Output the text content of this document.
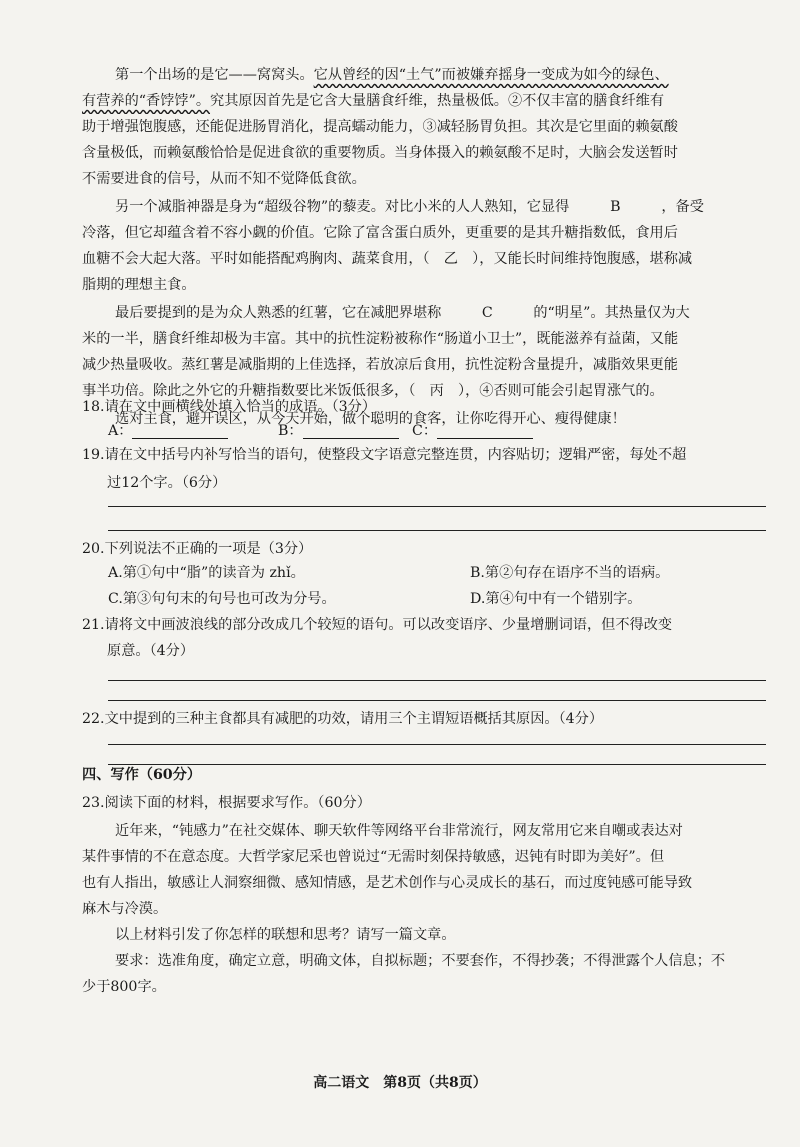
第一个出场的是它——窝窝头。它从曾经的因“土气”而被嫌弃摇身一变成为如今的绿色、
有营养的“香饽饽”。究其原因首先是它含大量膳食纤维，热量极低。②不仅丰富的膳食纤维有
助于增强饱腹感，还能促进肠胃消化，提高蠕动能力，③减轻肠胃负担。其次是它里面的赖氨酸
含量极低，而赖氨酸恰恰是促进食欲的重要物质。当身体摄入的赖氨酸不足时，大脑会发送暂时
不需要进食的信号，从而不知不觉降低食欲。
另一个减脂神器是身为“超级谷物”的藜麦。对比小米的人人熟知，它显得	B	，备受
冷落，但它却蕴含着不容小觑的价值。它除了富含蛋白质外，更重要的是其升糖指数低，食用后
血糖不会大起大落。平时如能搭配鸡胸肉、蔬菜食用，（　乙　），又能长时间维持饱腹感，堪称减
脂期的理想主食。
最后要提到的是为众人熟悉的红薯，它在减肥界堪称	C	的“明星”。其热量仅为大
米的一半，膳食纤维却极为丰富。其中的抗性淀粉被称作“肠道小卫士”，既能滋养有益菌，又能
减少热量吸收。蒸红薯是减脂期的上佳选择，若放凉后食用，抗性淀粉含量提升，减脂效果更能
事半功倍。除此之外它的升糖指数要比米饭低很多，（　丙　），④否则可能会引起胃涨气的。
选对主食，避开误区，从今天开始，做个聪明的食客，让你吃得开心、瘦得健康！
18.请在文中画横线处填入恰当的成语。（3分）
A：	B：	C：
19.请在文中括号内补写恰当的语句，使整段文字语意完整连贯，内容贴切；逻辑严密，每处不超
过12个字。（6分）
20.下列说法不正确的一项是（3分）
A.第①句中“脂”的读音为 zhǐ。	B.第②句存在语序不当的语病。
C.第③句句末的句号也可改为分号。	D.第④句中有一个错别字。
21.请将文中画波浪线的部分改成几个较短的语句。可以改变语序、少量增删词语，但不得改变
原意。（4分）
22.文中提到的三种主食都具有减肥的功效，请用三个主谓短语概括其原因。（4分）
四、写作（60分）
23.阅读下面的材料，根据要求写作。（60分）
近年来，“钝感力”在社交媒体、聊天软件等网络平台非常流行，网友常用它来自嘲或表达对
某件事情的不在意态度。大哲学家尼采也曾说过“无需时刻保持敏感，迟钝有时即为美好”。但
也有人指出，敏感让人洞察细微、感知情感，是艺术创作与心灵成长的基石，而过度钝感可能导致
麻木与冷漠。
高二语文　第8页（共8页）
以上材料引发了你怎样的联想和思考？请写一篇文章。
要求：选准角度，确定立意，明确文体，自拟标题；不要套作，不得抄袭；不得泄露个人信息；不
少于800字。
